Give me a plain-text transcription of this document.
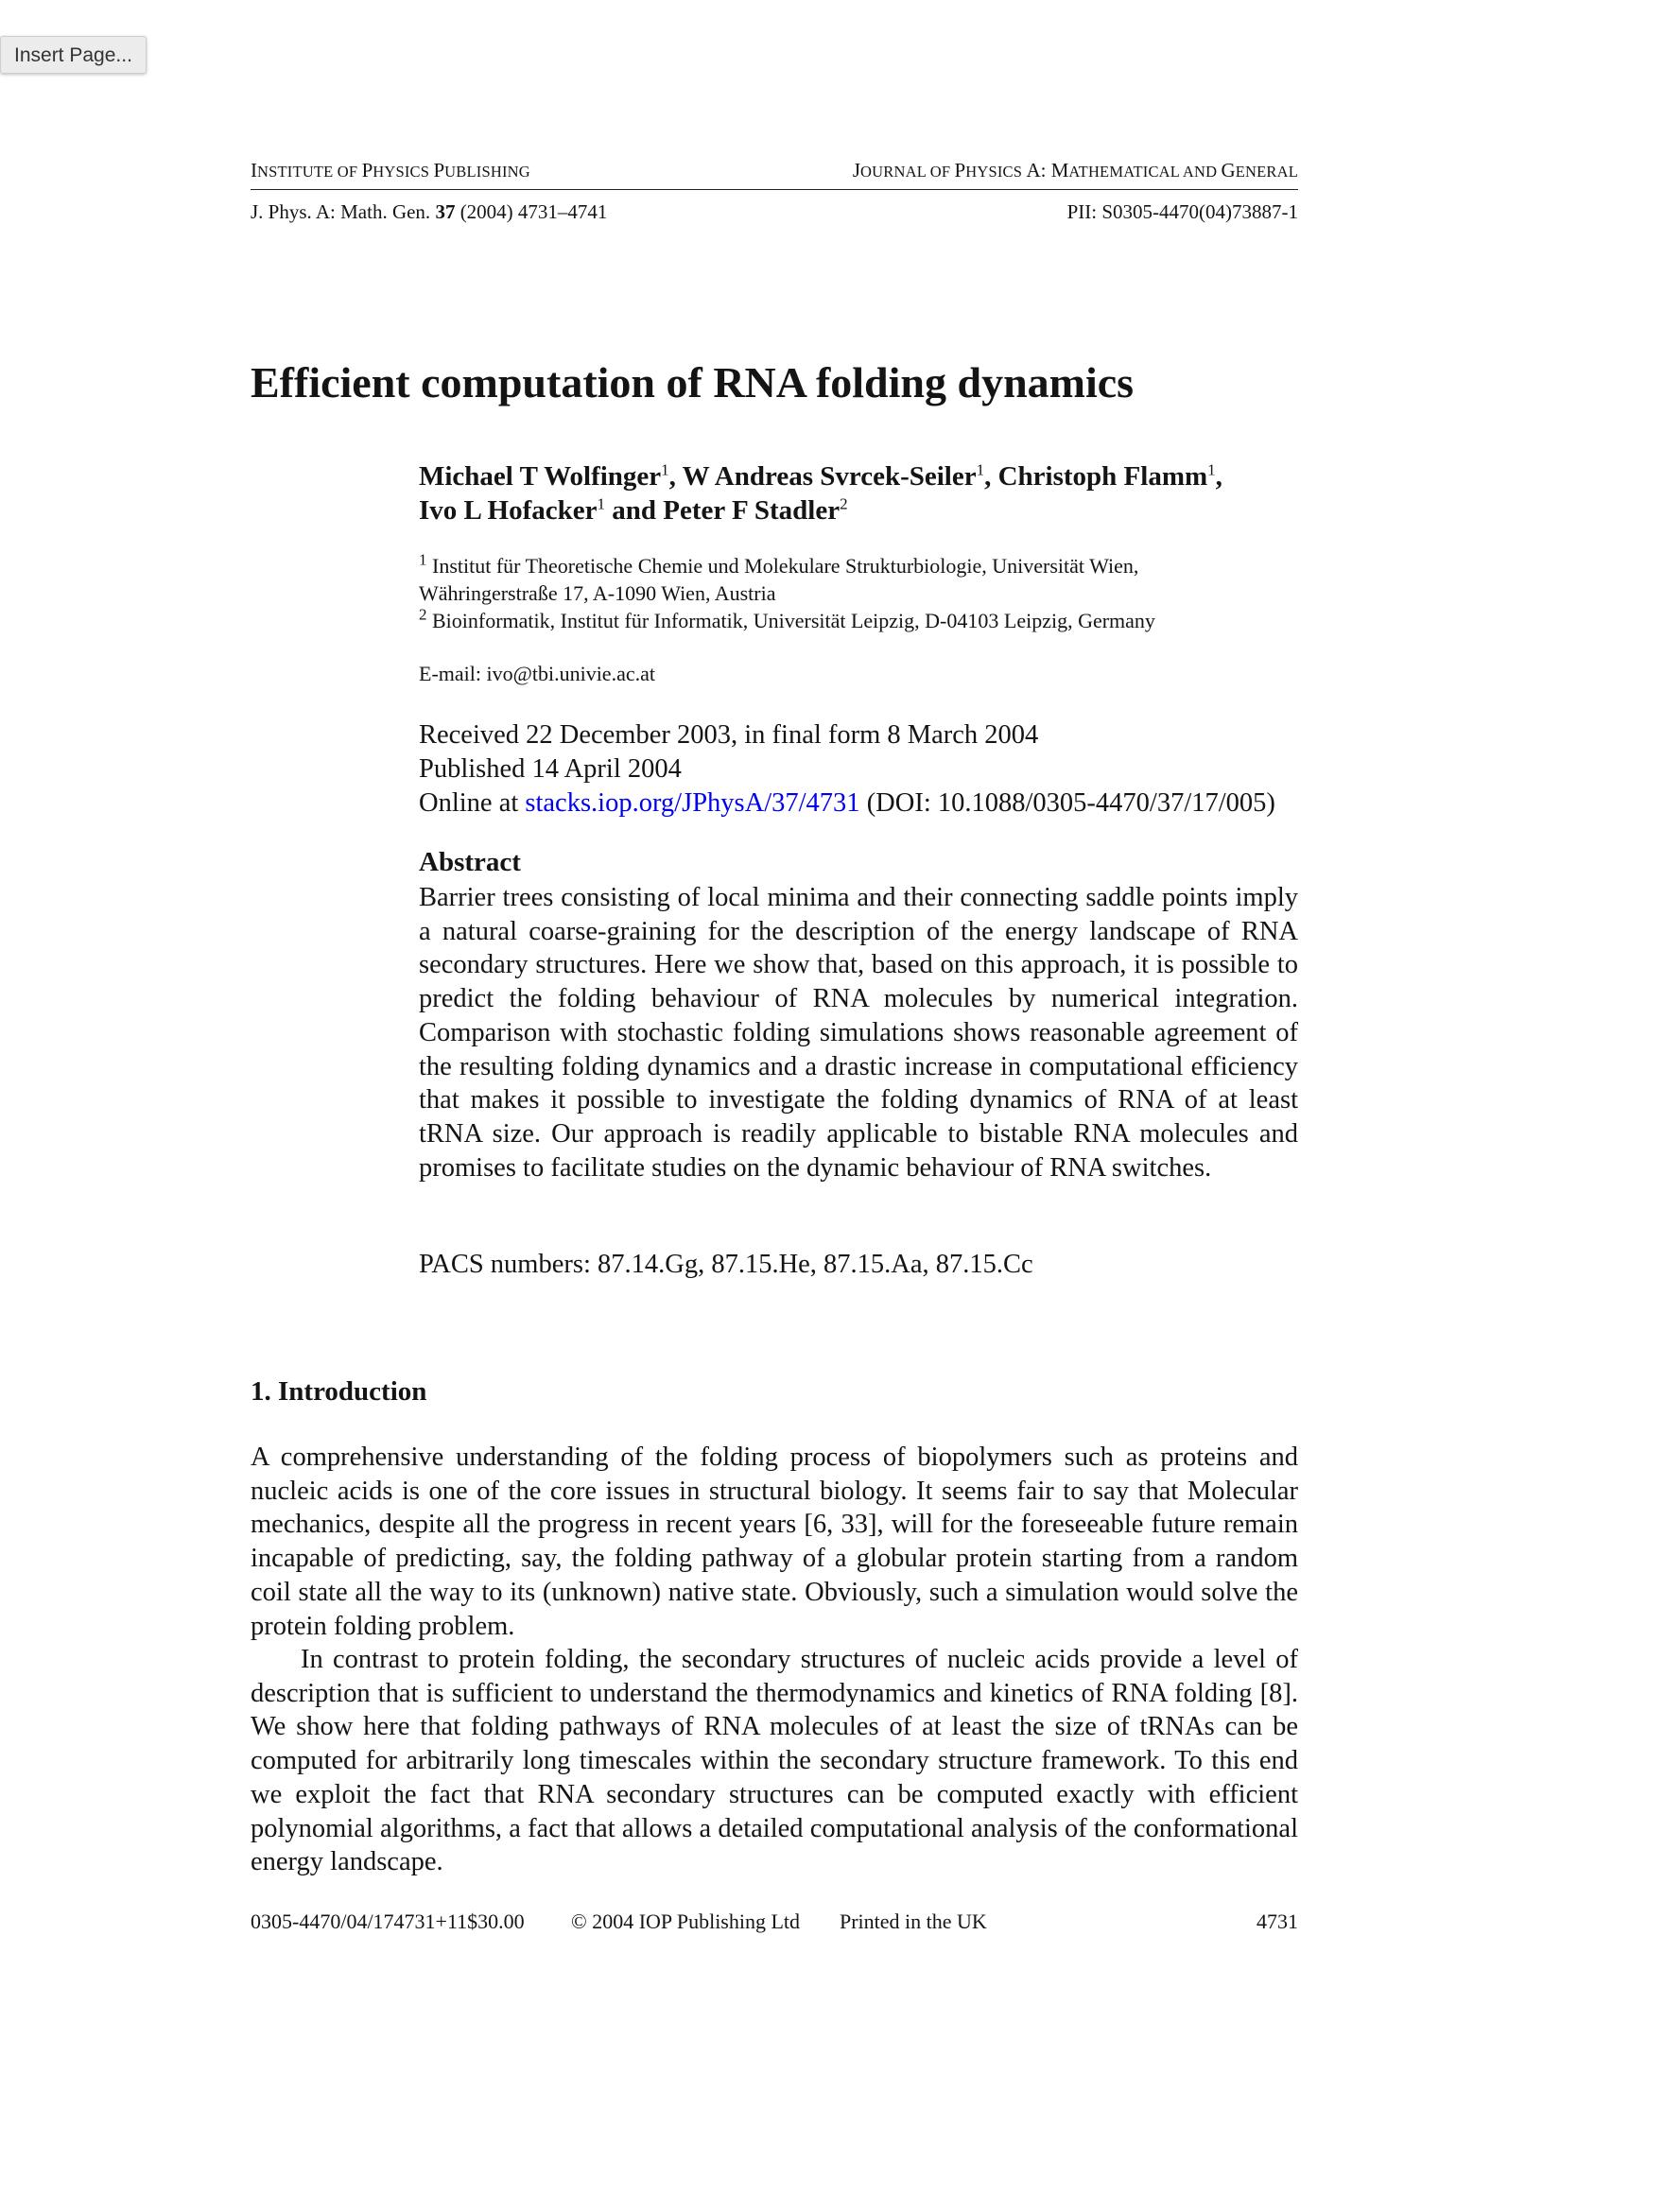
Insert Page...
INSTITUTE OF PHYSICS PUBLISHING	JOURNAL OF PHYSICS A: MATHEMATICAL AND GENERAL
J. Phys. A: Math. Gen. 37 (2004) 4731–4741	PII: S0305-4470(04)73887-1
Efficient computation of RNA folding dynamics
Michael T Wolfinger$^1$, W Andreas Svrcek-Seiler$^1$, Christoph Flamm$^1$,
Ivo L Hofacker$^1$ and Peter F Stadler$^2$
$^1$ Institut für Theoretische Chemie und Molekulare Strukturbiologie, Universität Wien,
Währingerstraße 17, A-1090 Wien, Austria
$^2$ Bioinformatik, Institut für Informatik, Universität Leipzig, D-04103 Leipzig, Germany
E-mail: ivo@tbi.univie.ac.at
Received 22 December 2003, in final form 8 March 2004
Published 14 April 2004
Online at stacks.iop.org/JPhysA/37/4731 (DOI: 10.1088/0305-4470/37/17/005)
Abstract
Barrier trees consisting of local minima and their connecting saddle points imply a natural coarse-graining for the description of the energy landscape of RNA secondary structures. Here we show that, based on this approach, it is possible to predict the folding behaviour of RNA molecules by numerical integration. Comparison with stochastic folding simulations shows reasonable agreement of the resulting folding dynamics and a drastic increase in computational efficiency that makes it possible to investigate the folding dynamics of RNA of at least tRNA size. Our approach is readily applicable to bistable RNA molecules and promises to facilitate studies on the dynamic behaviour of RNA switches.
PACS numbers: 87.14.Gg, 87.15.He, 87.15.Aa, 87.15.Cc
1. Introduction
A comprehensive understanding of the folding process of biopolymers such as proteins and nucleic acids is one of the core issues in structural biology. It seems fair to say that Molecular mechanics, despite all the progress in recent years [6, 33], will for the foreseeable future remain incapable of predicting, say, the folding pathway of a globular protein starting from a random coil state all the way to its (unknown) native state. Obviously, such a simulation would solve the protein folding problem.
In contrast to protein folding, the secondary structures of nucleic acids provide a level of description that is sufficient to understand the thermodynamics and kinetics of RNA folding [8]. We show here that folding pathways of RNA molecules of at least the size of tRNAs can be computed for arbitrarily long timescales within the secondary structure framework. To this end we exploit the fact that RNA secondary structures can be computed exactly with efficient polynomial algorithms, a fact that allows a detailed computational analysis of the conformational energy landscape.
0305-4470/04/174731+11$30.00 © 2004 IOP Publishing Ltd Printed in the UK	4731
